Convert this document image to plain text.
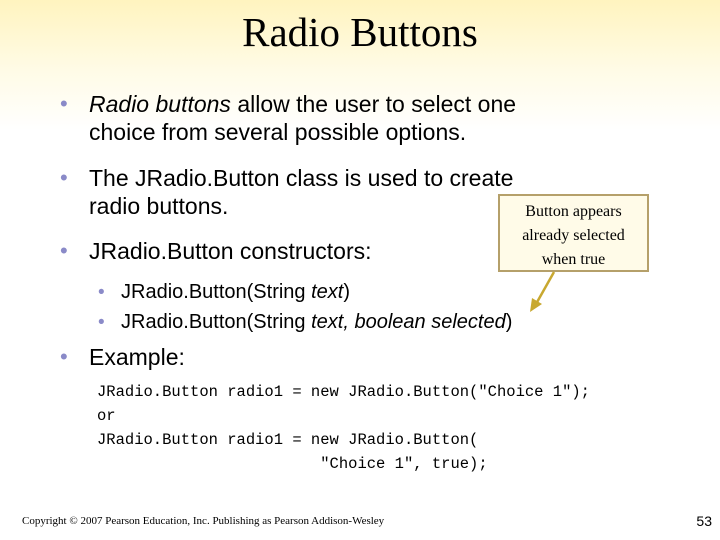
Radio Buttons
• Radio buttons allow the user to select one
choice from several possible options.
• The JRadio.Button class is used to create
radio buttons.
• JRadio.Button constructors:
• JRadio.Button(String text)
• JRadio.Button(String text, boolean selected)
• Example:
JRadio.Button radio1 = new JRadio.Button("Choice 1");
or
JRadio.Button radio1 = new JRadio.Button(
"Choice 1", true);
Button appears
already selected
when true
Copyright © 2007 Pearson Education, Inc. Publishing as Pearson Addison-Wesley	53
